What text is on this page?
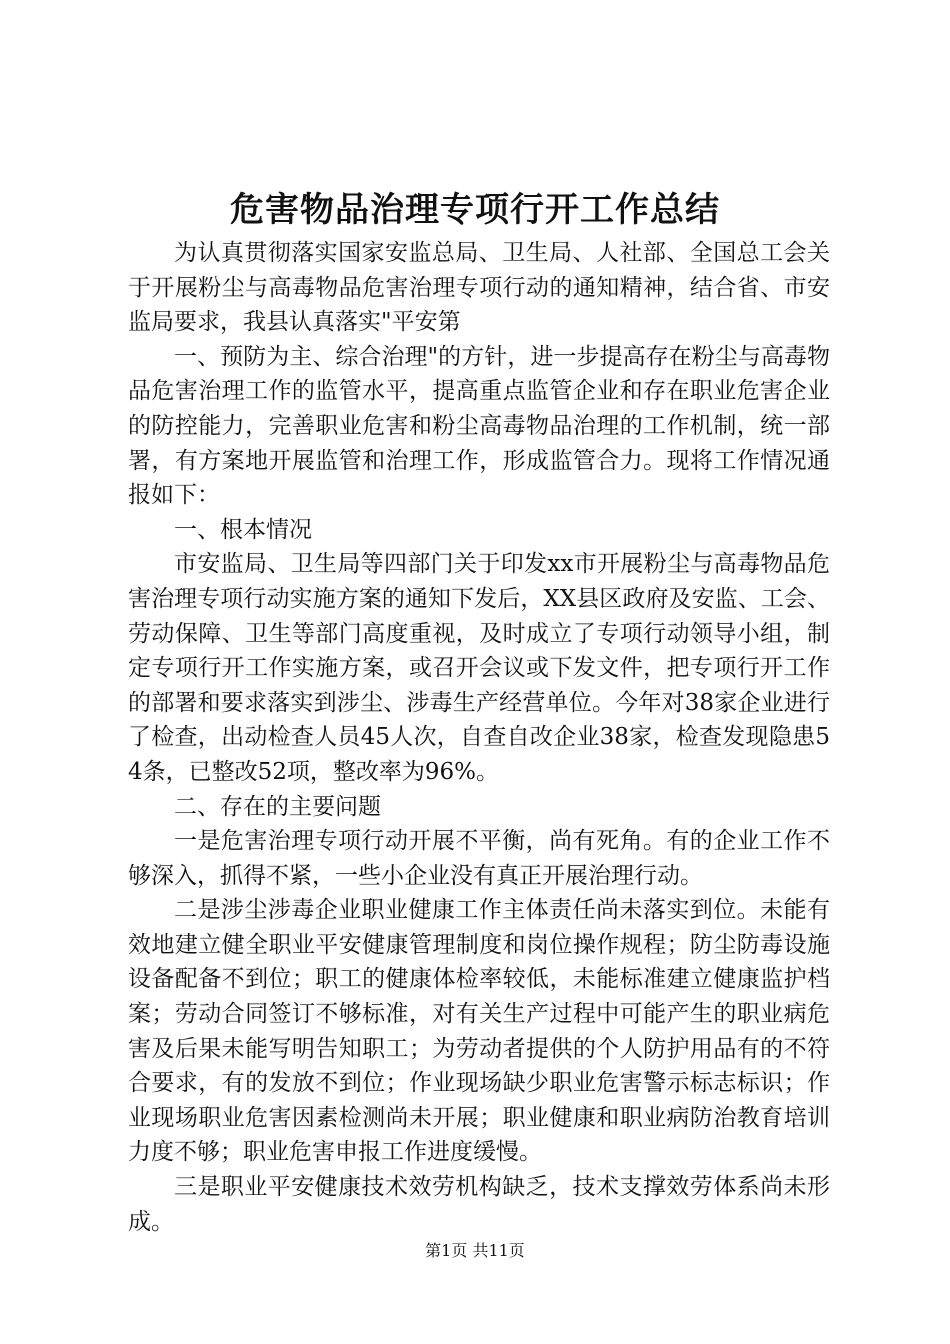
危害物品治理专项行开工作总结

为认真贯彻落实国家安监总局、卫生局、人社部、全国总工会关于开展粉尘与高毒物品危害治理专项行动的通知精神，结合省、市安监局要求，我县认真落实"平安第

一、预防为主、综合治理"的方针，进一步提高存在粉尘与高毒物品危害治理工作的监管水平，提高重点监管企业和存在职业危害企业的防控能力，完善职业危害和粉尘高毒物品治理的工作机制，统一部署，有方案地开展监管和治理工作，形成监管合力。现将工作情况通报如下：

一、根本情况

市安监局、卫生局等四部门关于印发xx市开展粉尘与高毒物品危害治理专项行动实施方案的通知下发后，XX县区政府及安监、工会、劳动保障、卫生等部门高度重视，及时成立了专项行动领导小组，制定专项行开工作实施方案，或召开会议或下发文件，把专项行开工作的部署和要求落实到涉尘、涉毒生产经营单位。今年对38家企业进行了检查，出动检查人员45人次，自查自改企业38家，检查发现隐患54条，已整改52项，整改率为96%。

二、存在的主要问题

一是危害治理专项行动开展不平衡，尚有死角。有的企业工作不够深入，抓得不紧，一些小企业没有真正开展治理行动。

二是涉尘涉毒企业职业健康工作主体责任尚未落实到位。未能有效地建立健全职业平安健康管理制度和岗位操作规程；防尘防毒设施设备配备不到位；职工的健康体检率较低，未能标准建立健康监护档案；劳动合同签订不够标准，对有关生产过程中可能产生的职业病危害及后果未能写明告知职工；为劳动者提供的个人防护用品有的不符合要求，有的发放不到位；作业现场缺少职业危害警示标志标识；作业现场职业危害因素检测尚未开展；职业健康和职业病防治教育培训力度不够；职业危害申报工作进度缓慢。

三是职业平安健康技术效劳机构缺乏，技术支撑效劳体系尚未形成。

第1页 共11页
